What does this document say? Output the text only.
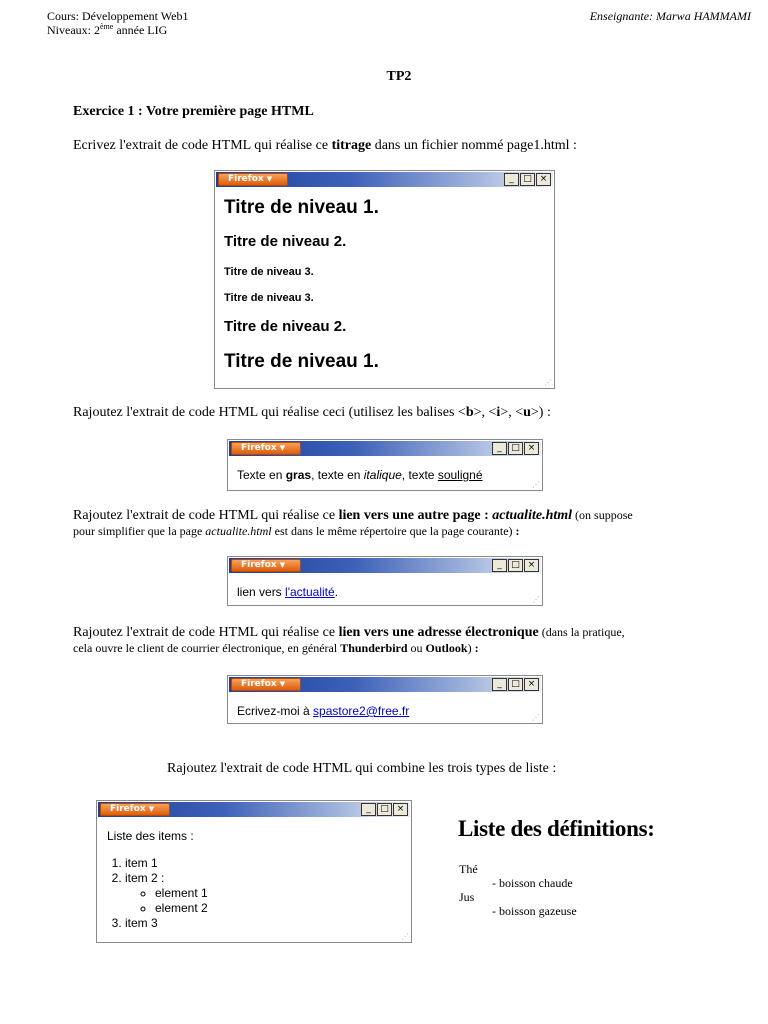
Cours: Développement Web1
Niveaux: 2ème année LIG
Enseignante: Marwa HAMMAMI
TP2
Exercice 1 : Votre première page HTML
Ecrivez l'extrait de code HTML qui réalise ce titrage dans un fichier nommé page1.html :
Firefox ▼	_	□ ×
Titre de niveau 1.
Titre de niveau 2.
Titre de niveau 3.
Titre de niveau 3.
Titre de niveau 2.
Titre de niveau 1.
⋰
Rajoutez l'extrait de code HTML qui réalise ceci (utilisez les balises <b>, <i>, <u>) :
Firefox ▼	_	□ ×
Texte en gras, texte en italique, texte souligné
⋰
Rajoutez l'extrait de code HTML qui réalise ce lien vers une autre page : actualite.html (on suppose
pour simplifier que la page actualite.html est dans le même répertoire que la page courante) :
Firefox ▼	_	□ ×
lien vers l'actualité.
⋰
Rajoutez l'extrait de code HTML qui réalise ce lien vers une adresse électronique (dans la pratique,
cela ouvre le client de courrier électronique, en général Thunderbird ou Outlook) :
Firefox ▼	_	□ ×
Ecrivez-moi à spastore2@free.fr	⋰
Rajoutez l'extrait de code HTML qui combine les trois types de liste :
Firefox ▼	_	□ ×
Liste des items :
1. item 1
2. item 2 :
◦ element 1
◦ element 2
3. item 3
⋰
Liste des définitions:
Thé
- boisson chaude
Jus
- boisson gazeuse
